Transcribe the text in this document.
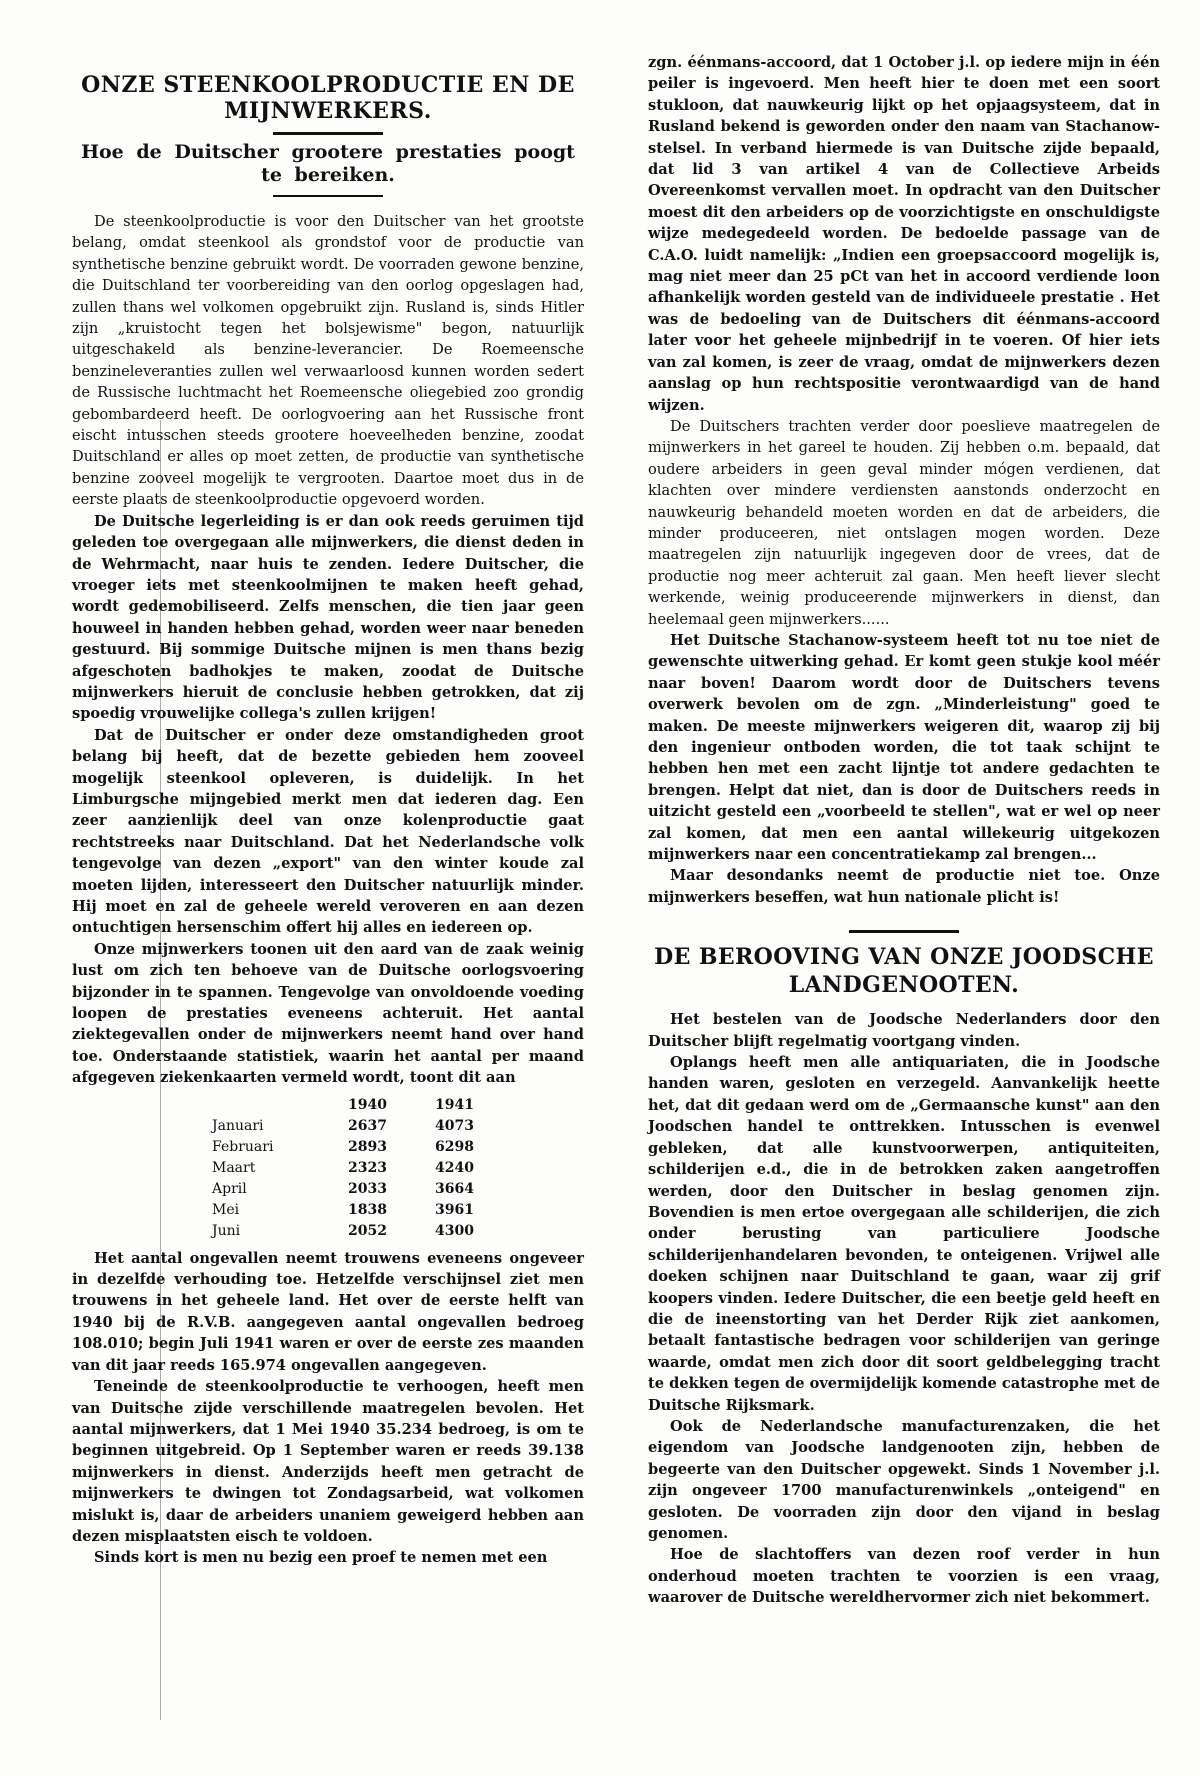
ONZE STEENKOOLPRODUCTIE EN DE MIJNWERKERS.
Hoe de Duitscher grootere prestaties poogt te bereiken.

De steenkoolproductie is voor den Duitscher van het grootste belang, omdat steenkool als grondstof voor de productie van synthetische benzine gebruikt wordt. De voorraden gewone benzine, die Duitschland ter voorbereiding van den oorlog opgeslagen had, zullen thans wel volkomen opgebruikt zijn. Rusland is, sinds Hitler zijn „kruistocht tegen het bolsjewisme" begon, natuurlijk uitgeschakeld als benzine-leverancier. De Roemeensche benzineleveranties zullen wel verwaarloosd kunnen worden sedert de Russische luchtmacht het Roemeensche oliegebied zoo grondig gebombardeerd heeft. De oorlogvoering aan het Russische front eischt intusschen steeds grootere hoeveelheden benzine, zoodat Duitschland er alles op moet zetten, de productie van synthetische benzine zooveel mogelijk te vergrooten. Daartoe moet dus in de eerste plaats de steenkoolproductie opgevoerd worden.

De Duitsche legerleiding is er dan ook reeds geruimen tijd geleden toe overgegaan alle mijnwerkers, die dienst deden in de Wehrmacht, naar huis te zenden. Iedere Duitscher, die vroeger iets met steenkoolmijnen te maken heeft gehad, wordt gedemobiliseerd. Zelfs menschen, die tien jaar geen houweel in handen hebben gehad, worden weer naar beneden gestuurd. Bij sommige Duitsche mijnen is men thans bezig afgeschoten badhokjes te maken, zoodat de Duitsche mijnwerkers hieruit de conclusie hebben getrokken, dat zij spoedig vrouwelijke collega's zullen krijgen!

Dat de Duitscher er onder deze omstandigheden groot belang bij heeft, dat de bezette gebieden hem zooveel mogelijk steenkool opleveren, is duidelijk. In het Limburgsche mijngebied merkt men dat iederen dag. Een zeer aanzienlijk deel van onze kolenproductie gaat rechtstreeks naar Duitschland. Dat het Nederlandsche volk tengevolge van dezen „export" van den winter koude zal moeten lijden, interesseert den Duitscher natuurlijk minder. Hij moet en zal de geheele wereld veroveren en aan dezen ontuchtigen hersenschim offert hij alles en iedereen op.

Onze mijnwerkers toonen uit den aard van de zaak weinig lust om zich ten behoeve van de Duitsche oorlogsvoering bijzonder in te spannen. Tengevolge van onvoldoende voeding loopen de prestaties eveneens achteruit. Het aantal ziektegevallen onder de mijnwerkers neemt hand over hand toe. Onderstaande statistiek, waarin het aantal per maand afgegeven ziekenkaarten vermeld wordt, toont dit aan

	1940	1941
Januari	2637	4073
Februari	2893	6298
Maart	2323	4240
April	2033	3664
Mei	1838	3961
Juni	2052	4300

Het aantal ongevallen neemt trouwens eveneens ongeveer in dezelfde verhouding toe. Hetzelfde verschijnsel ziet men trouwens in het geheele land. Het over de eerste helft van 1940 bij de R.V.B. aangegeven aantal ongevallen bedroeg 108.010; begin Juli 1941 waren er over de eerste zes maanden van dit jaar reeds 165.974 ongevallen aangegeven.

Teneinde de steenkoolproductie te verhoogen, heeft men van Duitsche zijde verschillende maatregelen bevolen. Het aantal mijnwerkers, dat 1 Mei 1940 35.234 bedroeg, is om te beginnen uitgebreid. Op 1 September waren er reeds 39.138 mijnwerkers in dienst. Anderzijds heeft men getracht de mijnwerkers te dwingen tot Zondagsarbeid, wat volkomen mislukt is, daar de arbeiders unaniem geweigerd hebben aan dezen misplaatsten eisch te voldoen.

Sinds kort is men nu bezig een proef te nemen met een

zgn. éénmans-accoord, dat 1 October j.l. op iedere mijn in één peiler is ingevoerd. Men heeft hier te doen met een soort stukloon, dat nauwkeurig lijkt op het opjaagsysteem, dat in Rusland bekend is geworden onder den naam van Stachanow-stelsel. In verband hiermede is van Duitsche zijde bepaald, dat lid 3 van artikel 4 van de Collectieve Arbeids Overeenkomst vervallen moet. In opdracht van den Duitscher moest dit den arbeiders op de voorzichtigste en onschuldigste wijze medegedeeld worden. De bedoelde passage van de C.A.O. luidt namelijk: „Indien een groepsaccoord mogelijk is, mag niet meer dan 25 pCt van het in accoord verdiende loon afhankelijk worden gesteld van de individueele prestatie . Het was de bedoeling van de Duitschers dit éénmans-accoord later voor het geheele mijnbedrijf in te voeren. Of hier iets van zal komen, is zeer de vraag, omdat de mijnwerkers dezen aanslag op hun rechtspositie verontwaardigd van de hand wijzen.

De Duitschers trachten verder door poeslieve maatregelen de mijnwerkers in het gareel te houden. Zij hebben o.m. bepaald, dat oudere arbeiders in geen geval minder mógen verdienen, dat klachten over mindere verdiensten aanstonds onderzocht en nauwkeurig behandeld moeten worden en dat de arbeiders, die minder produceeren, niet ontslagen mogen worden. Deze maatregelen zijn natuurlijk ingegeven door de vrees, dat de productie nog meer achteruit zal gaan. Men heeft liever slecht werkende, weinig produceerende mijnwerkers in dienst, dan heelemaal geen mijnwerkers......

Het Duitsche Stachanow-systeem heeft tot nu toe niet de gewenschte uitwerking gehad. Er komt geen stukje kool méér naar boven! Daarom wordt door de Duitschers tevens overwerk bevolen om de zgn. „Minderleistung" goed te maken. De meeste mijnwerkers weigeren dit, waarop zij bij den ingenieur ontboden worden, die tot taak schijnt te hebben hen met een zacht lijntje tot andere gedachten te brengen. Helpt dat niet, dan is door de Duitschers reeds in uitzicht gesteld een „voorbeeld te stellen", wat er wel op neer zal komen, dat men een aantal willekeurig uitgekozen mijnwerkers naar een concentratiekamp zal brengen...

Maar desondanks neemt de productie niet toe. Onze mijnwerkers beseffen, wat hun nationale plicht is!

DE BEROOVING VAN ONZE JOODSCHE LANDGENOOTEN.

Het bestelen van de Joodsche Nederlanders door den Duitscher blijft regelmatig voortgang vinden.

Oplangs heeft men alle antiquariaten, die in Joodsche handen waren, gesloten en verzegeld. Aanvankelijk heette het, dat dit gedaan werd om de „Germaansche kunst" aan den Joodschen handel te onttrekken. Intusschen is evenwel gebleken, dat alle kunstvoorwerpen, antiquiteiten, schilderijen e.d., die in de betrokken zaken aangetroffen werden, door den Duitscher in beslag genomen zijn. Bovendien is men ertoe overgegaan alle schilderijen, die zich onder berusting van particuliere Joodsche schilderijenhandelaren bevonden, te onteigenen. Vrijwel alle doeken schijnen naar Duitschland te gaan, waar zij grif koopers vinden. Iedere Duitscher, die een beetje geld heeft en die de ineenstorting van het Derder Rijk ziet aankomen, betaalt fantastische bedragen voor schilderijen van geringe waarde, omdat men zich door dit soort geldbelegging tracht te dekken tegen de overmijdelijk komende catastrophe met de Duitsche Rijksmark.

Ook de Nederlandsche manufacturenzaken, die het eigendom van Joodsche landgenooten zijn, hebben de begeerte van den Duitscher opgewekt. Sinds 1 November j.l. zijn ongeveer 1700 manufacturenwinkels „onteigend" en gesloten. De voorraden zijn door den vijand in beslag genomen.

Hoe de slachtoffers van dezen roof verder in hun onderhoud moeten trachten te voorzien is een vraag, waarover de Duitsche wereldhervormer zich niet bekommert.
